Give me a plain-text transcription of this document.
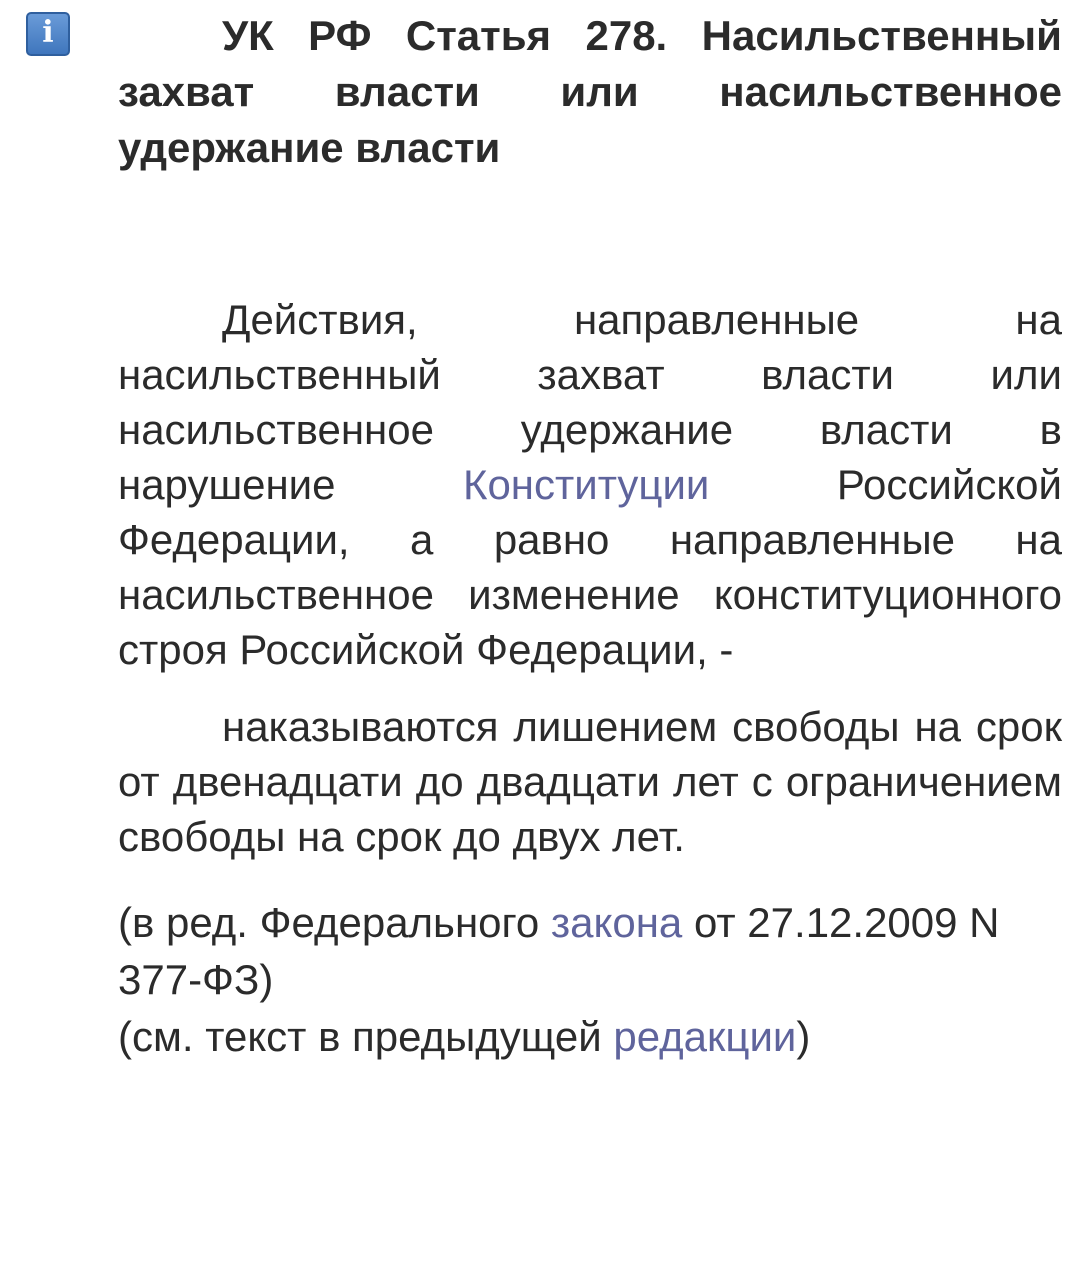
i	УК РФ Статья 278. Насильственный захват власти или насильственное удержание власти

Действия, направленные на насильственный захват власти или насильственное удержание власти в нарушение Конституции Российской Федерации, а равно направленные на насильственное изменение конституционного строя Российской Федерации, -

наказываются лишением свободы на срок от двенадцати до двадцати лет с ограничением свободы на срок до двух лет.

(в ред. Федерального закона от 27.12.2009 N 377-ФЗ)

(см. текст в предыдущей редакции)
